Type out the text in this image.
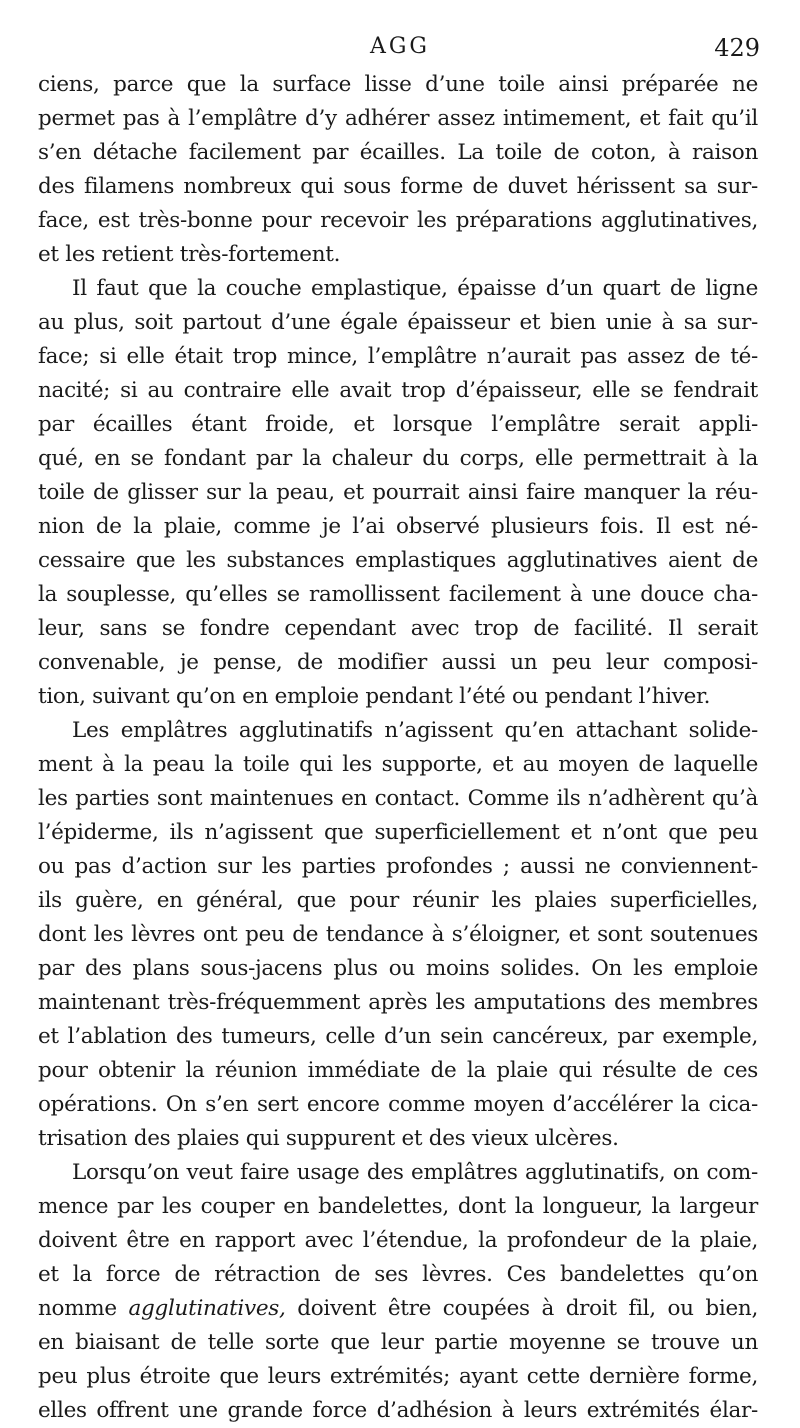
AGG	429
ciens, parce que la surface lisse d’une toile ainsi préparée ne
permet pas à l’emplâtre d’y adhérer assez intimement, et fait qu’il
s’en détache facilement par écailles. La toile de coton, à raison
des filamens nombreux qui sous forme de duvet hérissent sa sur-
face, est très-bonne pour recevoir les préparations agglutinatives,
et les retient très-fortement.
Il faut que la couche emplastique, épaisse d’un quart de ligne
au plus, soit partout d’une égale épaisseur et bien unie à sa sur-
face; si elle était trop mince, l’emplâtre n’aurait pas assez de té-
nacité; si au contraire elle avait trop d’épaisseur, elle se fendrait
par écailles étant froide, et lorsque l’emplâtre serait appli-
qué, en se fondant par la chaleur du corps, elle permettrait à la
toile de glisser sur la peau, et pourrait ainsi faire manquer la réu-
nion de la plaie, comme je l’ai observé plusieurs fois. Il est né-
cessaire que les substances emplastiques agglutinatives aient de
la souplesse, qu’elles se ramollissent facilement à une douce cha-
leur, sans se fondre cependant avec trop de facilité. Il serait
convenable, je pense, de modifier aussi un peu leur composi-
tion, suivant qu’on en emploie pendant l’été ou pendant l’hiver.
Les emplâtres agglutinatifs n’agissent qu’en attachant solide-
ment à la peau la toile qui les supporte, et au moyen de laquelle
les parties sont maintenues en contact. Comme ils n’adhèrent qu’à
l’épiderme, ils n’agissent que superficiellement et n’ont que peu
ou pas d’action sur les parties profondes ; aussi ne conviennent-
ils guère, en général, que pour réunir les plaies superficielles,
dont les lèvres ont peu de tendance à s’éloigner, et sont soutenues
par des plans sous-jacens plus ou moins solides. On les emploie
maintenant très-fréquemment après les amputations des membres
et l’ablation des tumeurs, celle d’un sein cancéreux, par exemple,
pour obtenir la réunion immédiate de la plaie qui résulte de ces
opérations. On s’en sert encore comme moyen d’accélérer la cica-
trisation des plaies qui suppurent et des vieux ulcères.
Lorsqu’on veut faire usage des emplâtres agglutinatifs, on com-
mence par les couper en bandelettes, dont la longueur, la largeur
doivent être en rapport avec l’étendue, la profondeur de la plaie,
et la force de rétraction de ses lèvres. Ces bandelettes qu’on
nomme agglutinatives, doivent être coupées à droit fil, ou bien,
en biaisant de telle sorte que leur partie moyenne se trouve un
peu plus étroite que leurs extrémités; ayant cette dernière forme,
elles offrent une grande force d’adhésion à leurs extrémités élar-
